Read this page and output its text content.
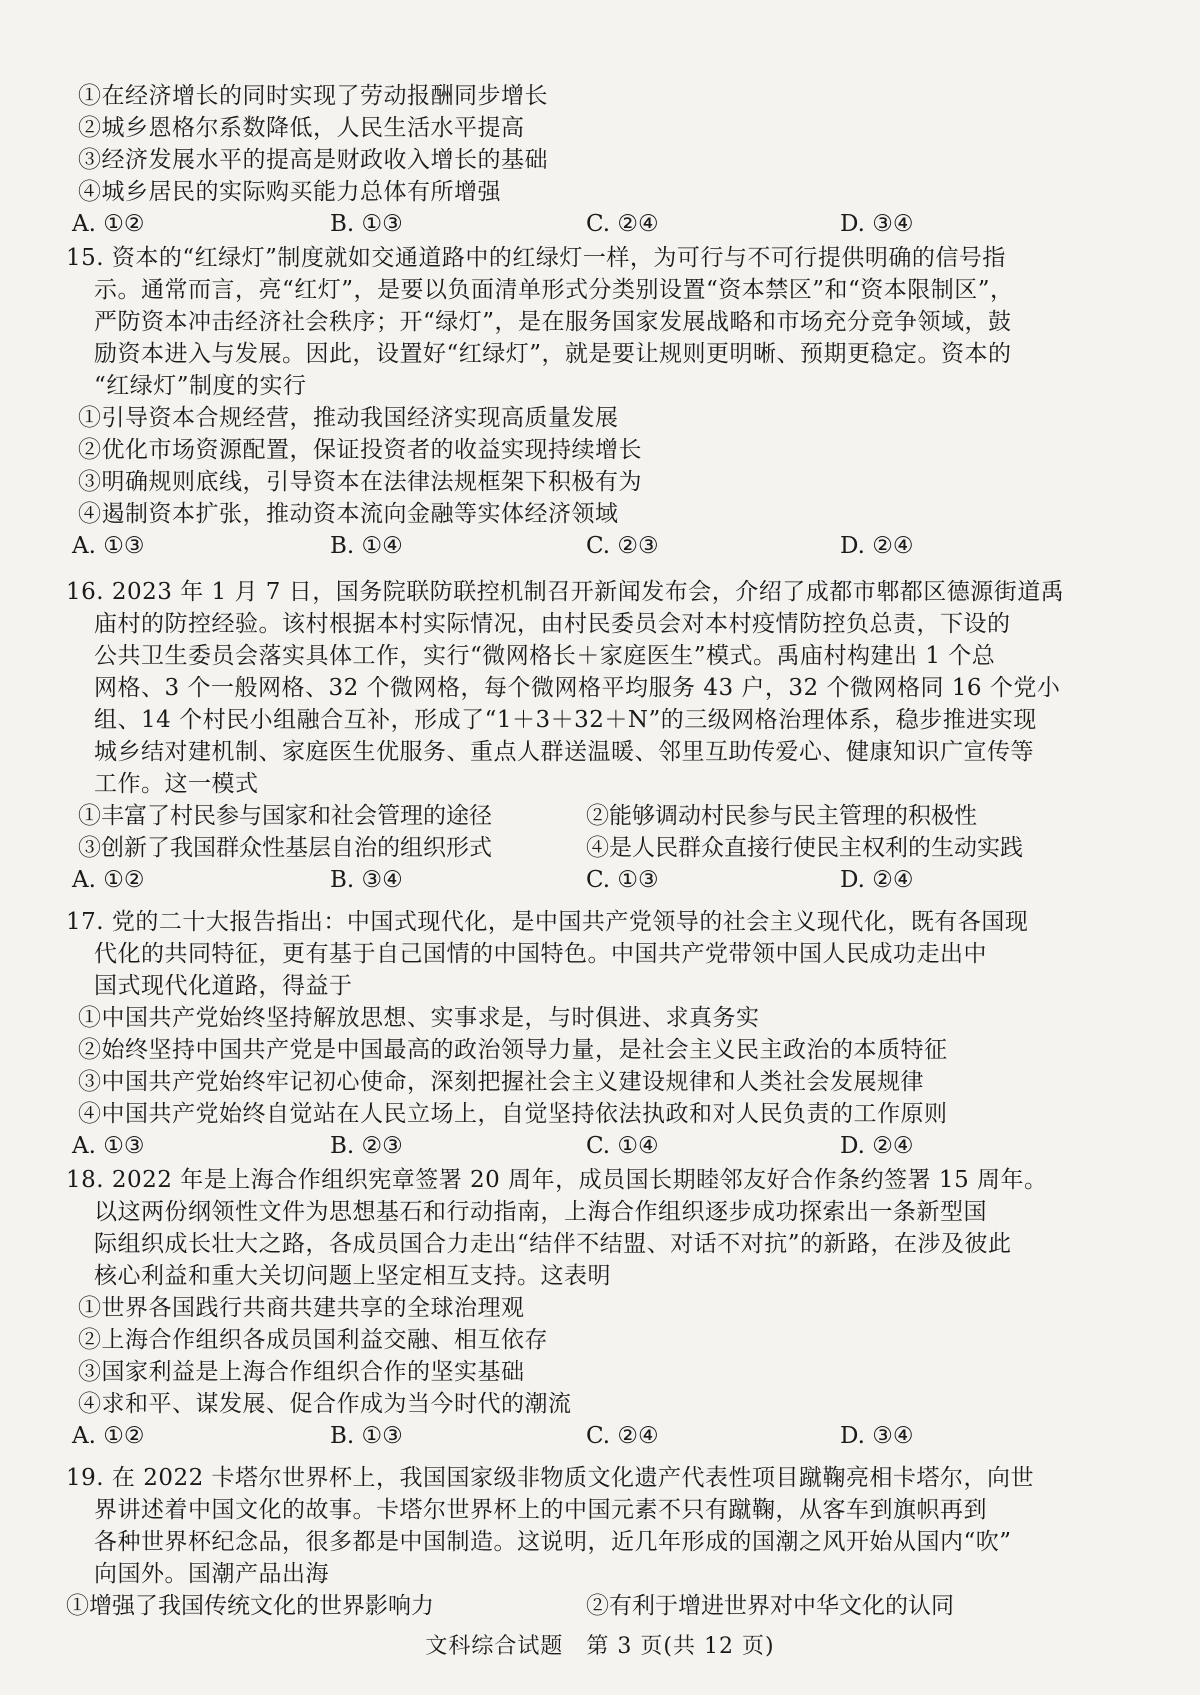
①在经济增长的同时实现了劳动报酬同步增长
②城乡恩格尔系数降低，人民生活水平提高
③经济发展水平的提高是财政收入增长的基础
④城乡居民的实际购买能力总体有所增强
A. ①②	B. ①③	C. ②④	D. ③④
15. 资本的“红绿灯”制度就如交通道路中的红绿灯一样，为可行与不可行提供明确的信号指
示。通常而言，亮“红灯”，是要以负面清单形式分类别设置“资本禁区”和“资本限制区”，
严防资本冲击经济社会秩序；开“绿灯”，是在服务国家发展战略和市场充分竞争领域，鼓
励资本进入与发展。因此，设置好“红绿灯”，就是要让规则更明晰、预期更稳定。资本的
“红绿灯”制度的实行
①引导资本合规经营，推动我国经济实现高质量发展
②优化市场资源配置，保证投资者的收益实现持续增长
③明确规则底线，引导资本在法律法规框架下积极有为
④遏制资本扩张，推动资本流向金融等实体经济领域
A. ①③	B. ①④	C. ②③	D. ②④
16. 2023 年 1 月 7 日，国务院联防联控机制召开新闻发布会，介绍了成都市郫都区德源街道禹
庙村的防控经验。该村根据本村实际情况，由村民委员会对本村疫情防控负总责，下设的
公共卫生委员会落实具体工作，实行“微网格长＋家庭医生”模式。禹庙村构建出 1 个总
网格、3 个一般网格、32 个微网格，每个微网格平均服务 43 户，32 个微网格同 16 个党小
组、14 个村民小组融合互补，形成了“1＋3＋32＋N”的三级网格治理体系，稳步推进实现
城乡结对建机制、家庭医生优服务、重点人群送温暖、邻里互助传爱心、健康知识广宣传等
工作。这一模式
①丰富了村民参与国家和社会管理的途径	②能够调动村民参与民主管理的积极性
③创新了我国群众性基层自治的组织形式	④是人民群众直接行使民主权利的生动实践
A. ①②	B. ③④	C. ①③	D. ②④
17. 党的二十大报告指出：中国式现代化，是中国共产党领导的社会主义现代化，既有各国现
代化的共同特征，更有基于自己国情的中国特色。中国共产党带领中国人民成功走出中
国式现代化道路，得益于
①中国共产党始终坚持解放思想、实事求是，与时俱进、求真务实
②始终坚持中国共产党是中国最高的政治领导力量，是社会主义民主政治的本质特征
③中国共产党始终牢记初心使命，深刻把握社会主义建设规律和人类社会发展规律
④中国共产党始终自觉站在人民立场上，自觉坚持依法执政和对人民负责的工作原则
A. ①③	B. ②③	C. ①④	D. ②④
18. 2022 年是上海合作组织宪章签署 20 周年，成员国长期睦邻友好合作条约签署 15 周年。
以这两份纲领性文件为思想基石和行动指南，上海合作组织逐步成功探索出一条新型国
际组织成长壮大之路，各成员国合力走出“结伴不结盟、对话不对抗”的新路，在涉及彼此
核心利益和重大关切问题上坚定相互支持。这表明
①世界各国践行共商共建共享的全球治理观
②上海合作组织各成员国利益交融、相互依存
③国家利益是上海合作组织合作的坚实基础
④求和平、谋发展、促合作成为当今时代的潮流
A. ①②	B. ①③	C. ②④	D. ③④
19. 在 2022 卡塔尔世界杯上，我国国家级非物质文化遗产代表性项目蹴鞠亮相卡塔尔，向世
界讲述着中国文化的故事。卡塔尔世界杯上的中国元素不只有蹴鞠，从客车到旗帜再到
各种世界杯纪念品，很多都是中国制造。这说明，近几年形成的国潮之风开始从国内“吹”
向国外。国潮产品出海
①增强了我国传统文化的世界影响力	②有利于增进世界对中华文化的认同
文科综合试题　第 3 页(共 12 页)
